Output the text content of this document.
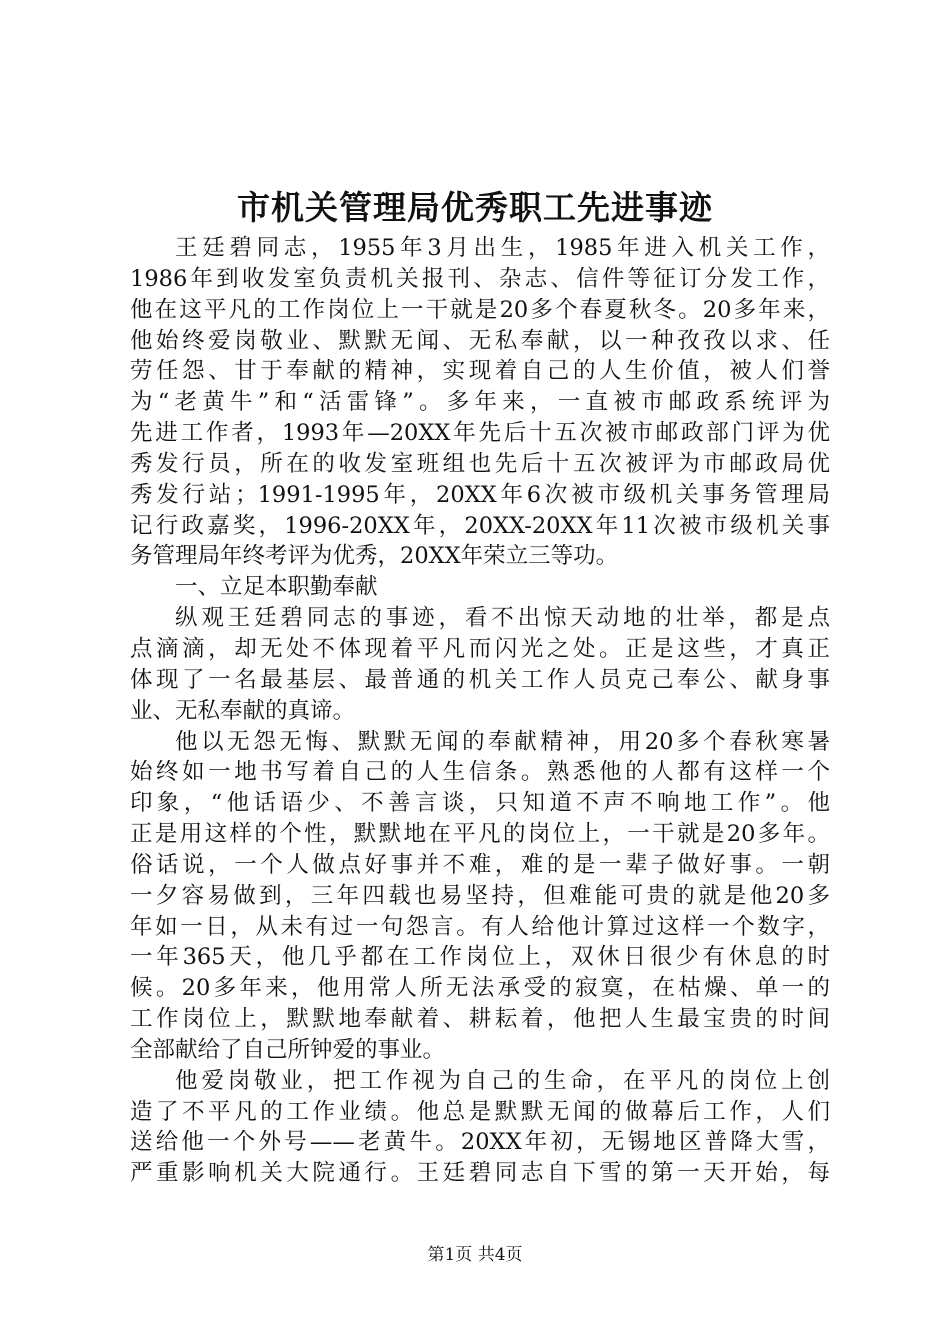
市机关管理局优秀职工先进事迹
王廷碧同志，1955年3月出生，1985年进入机关工作，
1986年到收发室负责机关报刊、杂志、信件等征订分发工作，
他在这平凡的工作岗位上一干就是20多个春夏秋冬。20多年来，
他始终爱岗敬业、默默无闻、无私奉献，以一种孜孜以求、任
劳任怨、甘于奉献的精神，实现着自己的人生价值，被人们誉
为“老黄牛”和“活雷锋”。多年来，一直被市邮政系统评为
先进工作者，1993年—20XX年先后十五次被市邮政部门评为优
秀发行员，所在的收发室班组也先后十五次被评为市邮政局优
秀发行站；1991-1995年，20XX年6次被市级机关事务管理局
记行政嘉奖，1996-20XX年，20XX-20XX年11次被市级机关事
务管理局年终考评为优秀，20XX年荣立三等功。
一、立足本职勤奉献
纵观王廷碧同志的事迹，看不出惊天动地的壮举，都是点
点滴滴，却无处不体现着平凡而闪光之处。正是这些，才真正
体现了一名最基层、最普通的机关工作人员克己奉公、献身事
业、无私奉献的真谛。
他以无怨无悔、默默无闻的奉献精神，用20多个春秋寒暑
始终如一地书写着自己的人生信条。熟悉他的人都有这样一个
印象，“他话语少、不善言谈，只知道不声不响地工作”。他
正是用这样的个性，默默地在平凡的岗位上，一干就是20多年。
俗话说，一个人做点好事并不难，难的是一辈子做好事。一朝
一夕容易做到，三年四载也易坚持，但难能可贵的就是他20多
年如一日，从未有过一句怨言。有人给他计算过这样一个数字，
一年365天，他几乎都在工作岗位上，双休日很少有休息的时
候。20多年来，他用常人所无法承受的寂寞，在枯燥、单一的
工作岗位上，默默地奉献着、耕耘着，他把人生最宝贵的时间
全部献给了自己所钟爱的事业。
他爱岗敬业，把工作视为自己的生命，在平凡的岗位上创
造了不平凡的工作业绩。他总是默默无闻的做幕后工作，人们
送给他一个外号——老黄牛。20XX年初，无锡地区普降大雪，
严重影响机关大院通行。王廷碧同志自下雪的第一天开始，每
第1页 共4页
